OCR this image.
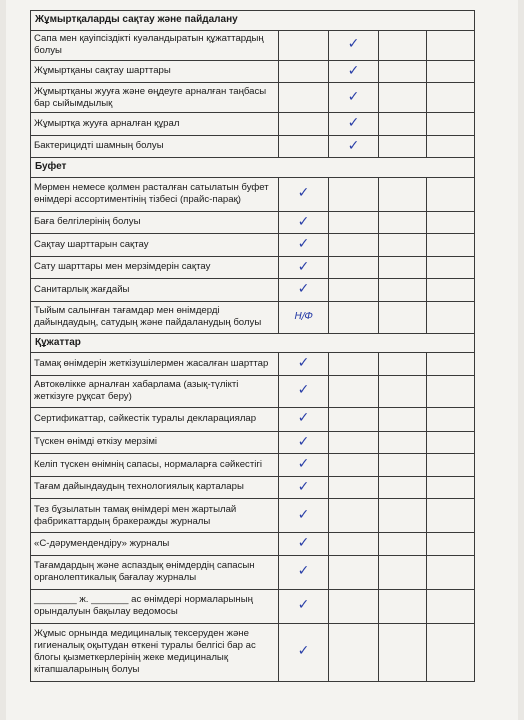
Жұмыртқаларды сақтау және пайдалану				
Сапа мен қауіпсіздікті куәландыратын құжаттардың болуы		✓		
Жұмыртқаны сақтау шарттары		✓		
Жұмыртқаны жууға және өңдеуге арналған таңбасы бар сыйымдылық		✓		
Жұмыртқа жууға арналған құрал		✓		
Бактерицидті шамның болуы		✓		
Буфет				
Мөрмен немесе қолмен расталған сатылатын буфет өнімдері ассортиментінің тізбесі (прайс-парақ)	✓			
Баға белгілерінің болуы	✓			
Сақтау шарттарын сақтау	✓			
Сату шарттары мен мерзімдерін сақтау	✓			
Санитарлық жағдайы	✓			
Тыйым салынған тағамдар мен өнімдерді дайындаудың, сатудың және пайдаланудың болуы	Н/Ф			
Құжаттар				
Тамақ өнімдерін жеткізушілермен жасалған шарттар	✓			
Автокөлікке арналған хабарлама (азық-түлікті жеткізуге рұқсат беру)	✓			
Сертификаттар, сәйкестік туралы декларациялар	✓			
Түскен өнімді өткізу мерзімі	✓			
Келіп түскен өнімнің сапасы, нормаларға сәйкестігі	✓			
Тағам дайындаудың технологиялық карталары	✓			
Тез бұзылатын тамақ өнімдері мен жартылай фабрикаттардың бракеражды журналы	✓			
«С-дәрумендендіру» журналы	✓			
Тағамдардың және аспаздық өнімдердің сапасын органолептикалық бағалау журналы	✓			
________ ж. _______ ас өнімдері нормаларының орындалуын бақылау ведомосы	✓			
Жұмыс орнында медициналық тексеруден және гигиеналық оқытудан өткені туралы белгісі бар ас блогы қызметкерлерінің жеке медициналық кітапшаларының болуы	✓			
